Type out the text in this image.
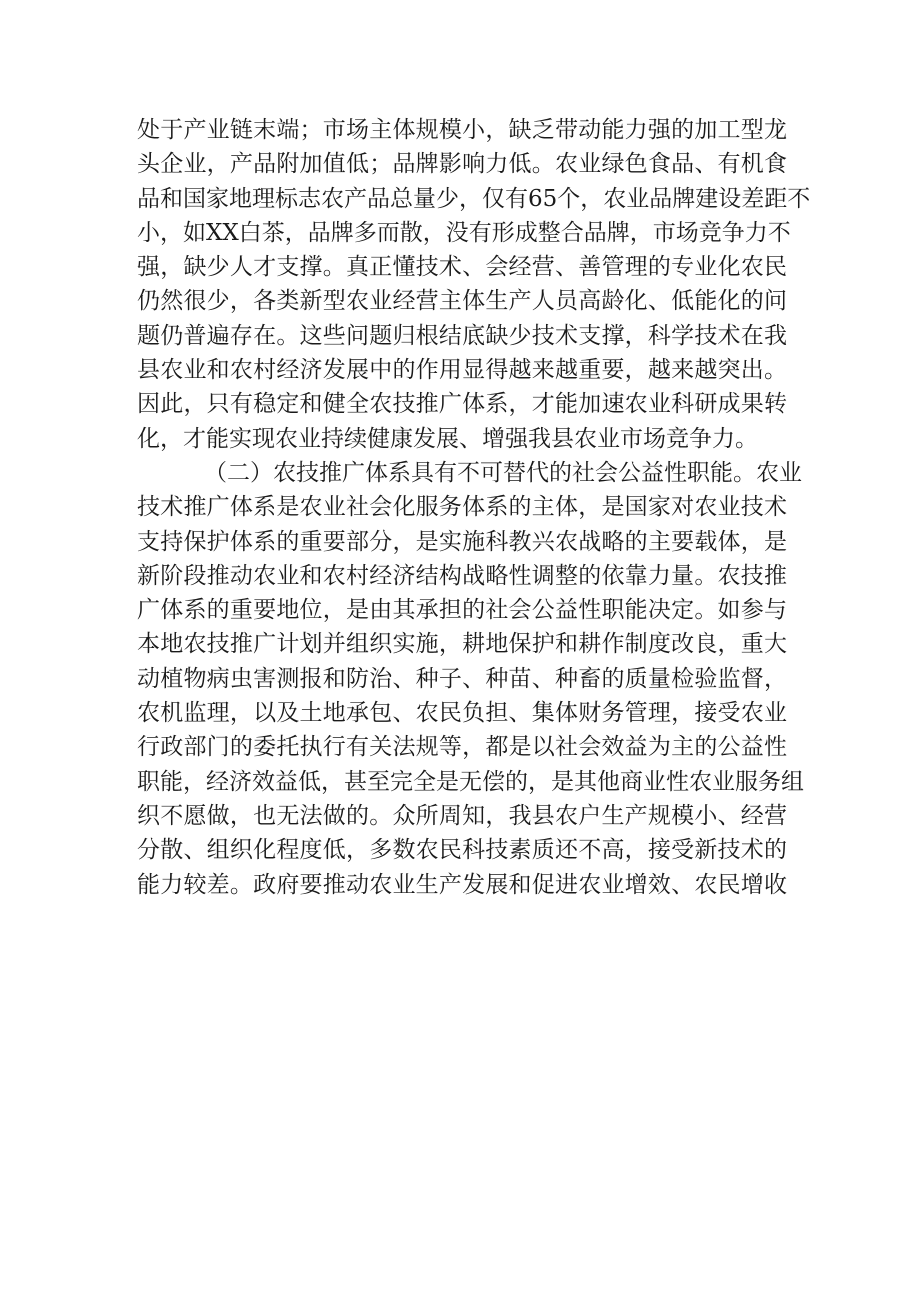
处于产业链末端；市场主体规模小，缺乏带动能力强的加工型龙
头企业，产品附加值低；品牌影响力低。农业绿色食品、有机食
品和国家地理标志农产品总量少，仅有65个，农业品牌建设差距不
小，如XX白茶，品牌多而散，没有形成整合品牌，市场竞争力不
强，缺少人才支撑。真正懂技术、会经营、善管理的专业化农民
仍然很少，各类新型农业经营主体生产人员高龄化、低能化的问
题仍普遍存在。这些问题归根结底缺少技术支撑，科学技术在我
县农业和农村经济发展中的作用显得越来越重要，越来越突出。
因此，只有稳定和健全农技推广体系，才能加速农业科研成果转
化，才能实现农业持续健康发展、增强我县农业市场竞争力。
（二）农技推广体系具有不可替代的社会公益性职能。农业
技术推广体系是农业社会化服务体系的主体，是国家对农业技术
支持保护体系的重要部分，是实施科教兴农战略的主要载体，是
新阶段推动农业和农村经济结构战略性调整的依靠力量。农技推
广体系的重要地位，是由其承担的社会公益性职能决定。如参与
本地农技推广计划并组织实施，耕地保护和耕作制度改良，重大
动植物病虫害测报和防治、种子、种苗、种畜的质量检验监督，
农机监理，以及土地承包、农民负担、集体财务管理，接受农业
行政部门的委托执行有关法规等，都是以社会效益为主的公益性
职能，经济效益低，甚至完全是无偿的，是其他商业性农业服务组
织不愿做，也无法做的。众所周知，我县农户生产规模小、经营
分散、组织化程度低，多数农民科技素质还不高，接受新技术的
能力较差。政府要推动农业生产发展和促进农业增效、农民增收
